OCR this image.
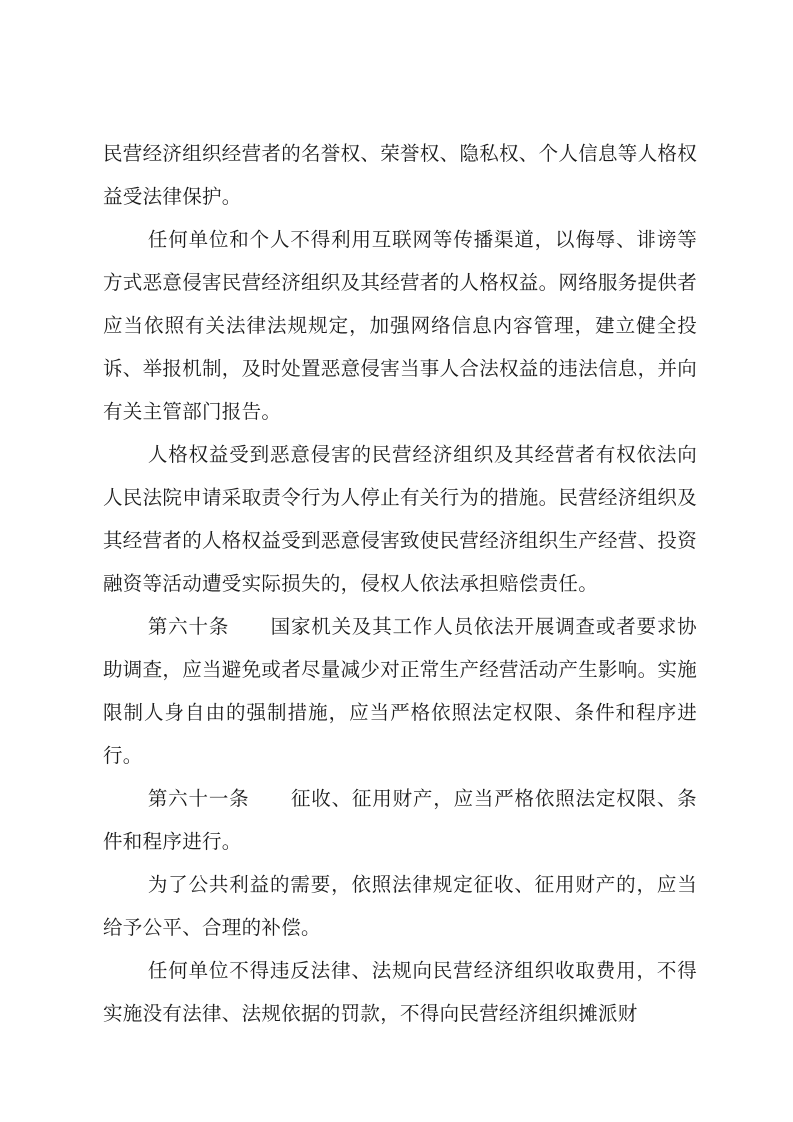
民营经济组织经营者的名誉权、荣誉权、隐私权、个人信息等人格权益受法律保护。

任何单位和个人不得利用互联网等传播渠道，以侮辱、诽谤等方式恶意侵害民营经济组织及其经营者的人格权益。网络服务提供者应当依照有关法律法规规定，加强网络信息内容管理，建立健全投诉、举报机制，及时处置恶意侵害当事人合法权益的违法信息，并向有关主管部门报告。

人格权益受到恶意侵害的民营经济组织及其经营者有权依法向人民法院申请采取责令行为人停止有关行为的措施。民营经济组织及其经营者的人格权益受到恶意侵害致使民营经济组织生产经营、投资融资等活动遭受实际损失的，侵权人依法承担赔偿责任。

第六十条 国家机关及其工作人员依法开展调查或者要求协助调查，应当避免或者尽量减少对正常生产经营活动产生影响。实施限制人身自由的强制措施，应当严格依照法定权限、条件和程序进行。

第六十一条 征收、征用财产，应当严格依照法定权限、条件和程序进行。

为了公共利益的需要，依照法律规定征收、征用财产的，应当给予公平、合理的补偿。

任何单位不得违反法律、法规向民营经济组织收取费用，不得实施没有法律、法规依据的罚款，不得向民营经济组织摊派财
